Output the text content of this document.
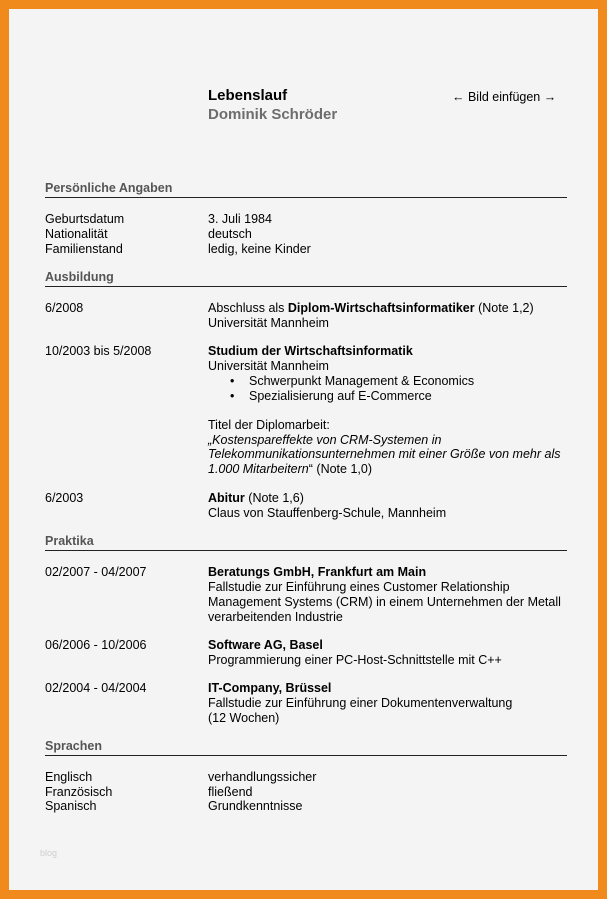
Lebenslauf
Dominik Schröder
← Bild einfügen →
Persönliche Angaben
Geburtsdatum	3. Juli 1984
Nationalität	deutsch
Familienstand	ledig, keine Kinder
Ausbildung
6/2008	Abschluss als Diplom-Wirtschaftsinformatiker (Note 1,2)
Universität Mannheim
10/2003 bis 5/2008	Studium der Wirtschaftsinformatik
Universität Mannheim
• Schwerpunkt Management & Economics
• Spezialisierung auf E-Commerce
Titel der Diplomarbeit:
„Kostenspareffekte von CRM-Systemen in
Telekommunikationsunternehmen mit einer Größe von mehr als
1.000 Mitarbeitern“ (Note 1,0)
6/2003	Abitur (Note 1,6)
Claus von Stauffenberg-Schule, Mannheim
Praktika
02/2007 - 04/2007	Beratungs GmbH, Frankfurt am Main
Fallstudie zur Einführung eines Customer Relationship
Management Systems (CRM) in einem Unternehmen der Metall
verarbeitenden Industrie
06/2006 - 10/2006	Software AG, Basel
Programmierung einer PC-Host-Schnittstelle mit C++
02/2004 - 04/2004	IT-Company, Brüssel
Fallstudie zur Einführung einer Dokumentenverwaltung
(12 Wochen)
Sprachen
Englisch	verhandlungssicher
Französisch	fließend
Spanisch	Grundkenntnisse
blog
